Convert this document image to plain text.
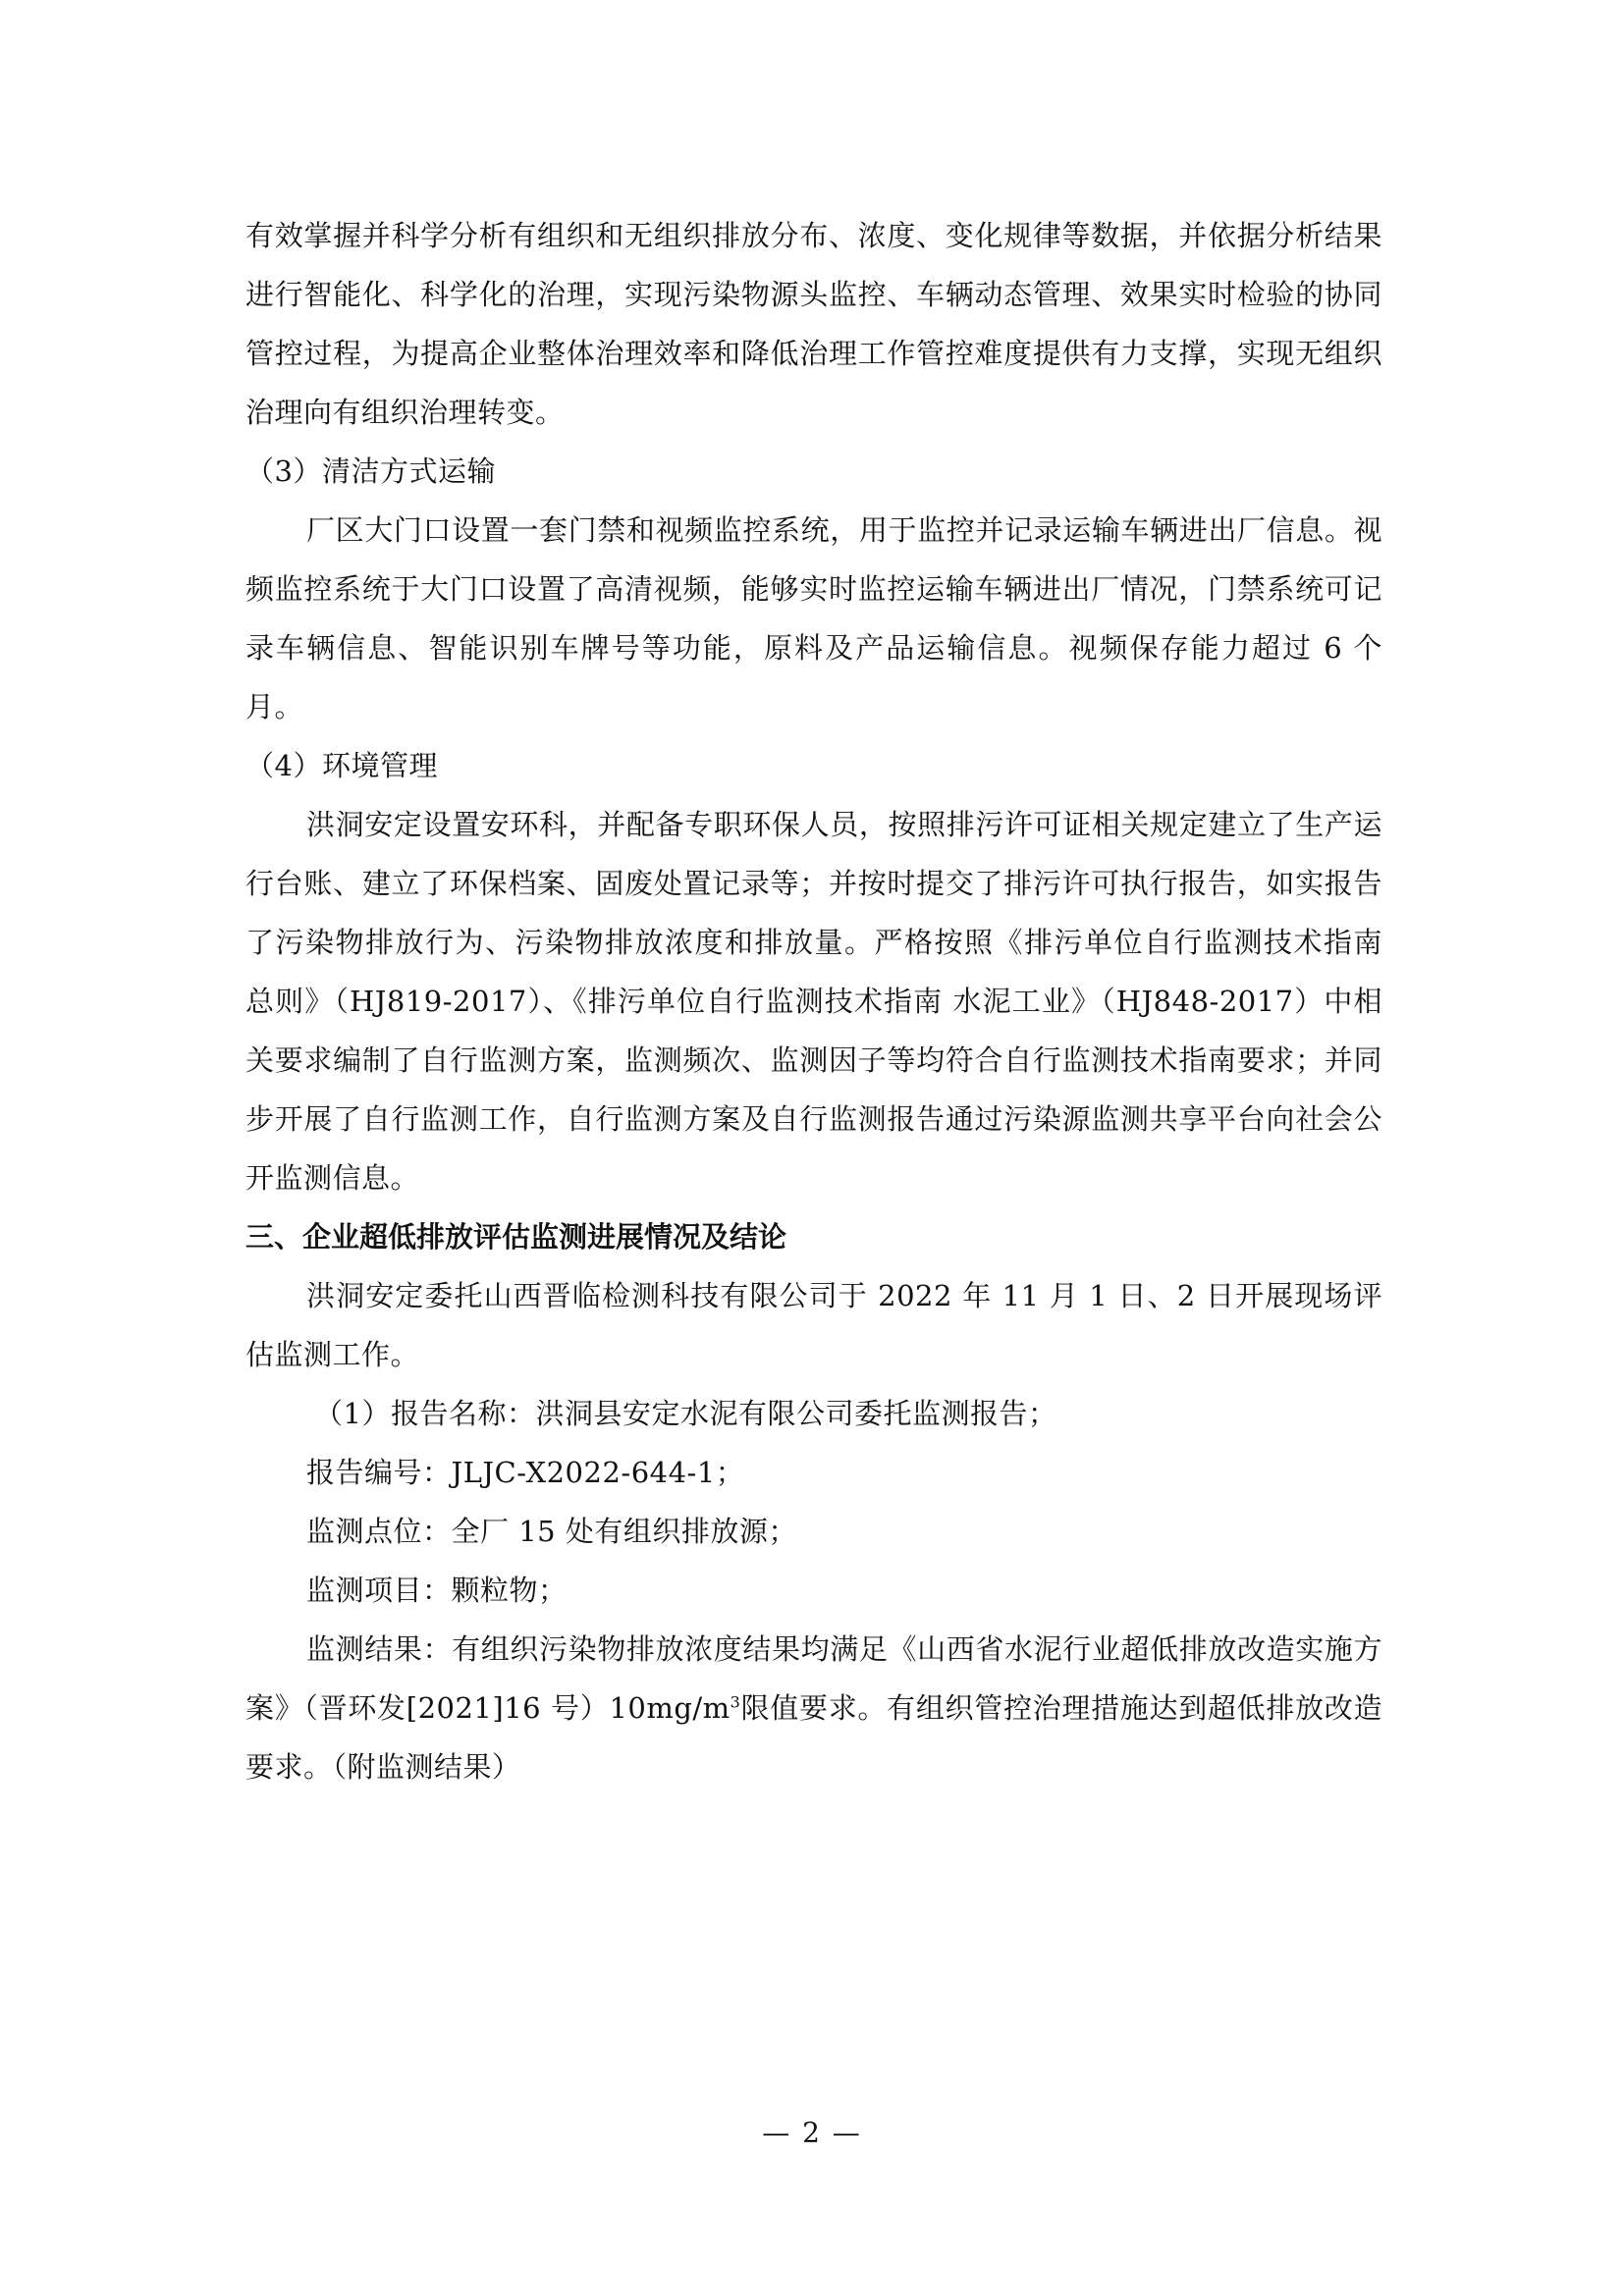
有效掌握并科学分析有组织和无组织排放分布、浓度、变化规律等数据，并依据分析结果进行智能化、科学化的治理，实现污染物源头监控、车辆动态管理、效果实时检验的协同管控过程，为提高企业整体治理效率和降低治理工作管控难度提供有力支撑，实现无组织治理向有组织治理转变。

（3）清洁方式运输

厂区大门口设置一套门禁和视频监控系统，用于监控并记录运输车辆进出厂信息。视频监控系统于大门口设置了高清视频，能够实时监控运输车辆进出厂情况，门禁系统可记录车辆信息、智能识别车牌号等功能，原料及产品运输信息。视频保存能力超过 6 个月。

（4）环境管理

洪洞安定设置安环科，并配备专职环保人员，按照排污许可证相关规定建立了生产运行台账、建立了环保档案、固废处置记录等；并按时提交了排污许可执行报告，如实报告了污染物排放行为、污染物排放浓度和排放量。严格按照《排污单位自行监测技术指南 总则》（HJ819-2017）、《排污单位自行监测技术指南 水泥工业》（HJ848-2017）中相关要求编制了自行监测方案，监测频次、监测因子等均符合自行监测技术指南要求；并同步开展了自行监测工作，自行监测方案及自行监测报告通过污染源监测共享平台向社会公开监测信息。

三、企业超低排放评估监测进展情况及结论

洪洞安定委托山西晋临检测科技有限公司于 2022 年 11 月 1 日、2 日开展现场评估监测工作。

（1）报告名称：洪洞县安定水泥有限公司委托监测报告；

报告编号：JLJC-X2022-644-1；

监测点位：全厂 15 处有组织排放源；

监测项目：颗粒物；

监测结果：有组织污染物排放浓度结果均满足《山西省水泥行业超低排放改造实施方案》（晋环发[2021]16 号）$10mg/m^3$限值要求。有组织管控治理措施达到超低排放改造要求。（附监测结果）

— 2 —
